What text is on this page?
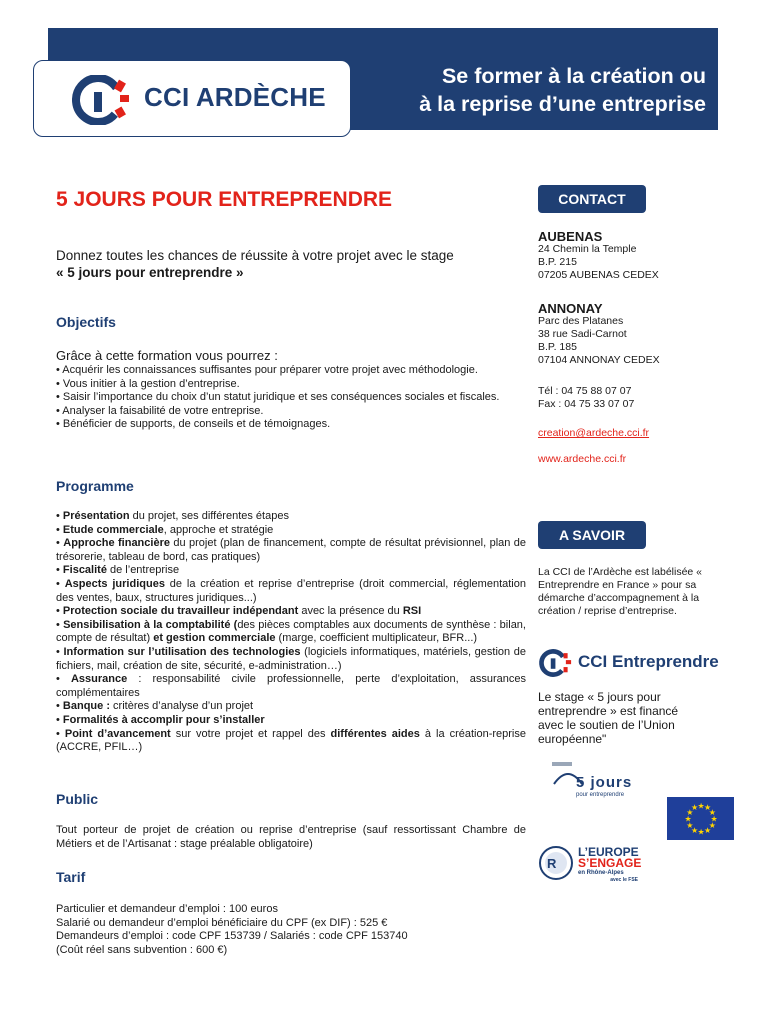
Se former à la création ou
à la reprise d’une entreprise
CCI ARDÈCHE
5 JOURS POUR ENTREPRENDRE
Donnez toutes les chances de réussite à votre projet avec le stage
« 5 jours pour entreprendre »
Objectifs

Grâce à cette formation vous pourrez :

• Acquérir les connaissances suffisantes pour préparer votre projet avec méthodologie.

• Vous initier à la gestion d’entreprise.

• Saisir l’importance du choix d’un statut juridique et ses conséquences sociales et fiscales.

• Analyser la faisabilité de votre entreprise.

• Bénéficier de supports, de conseils et de témoignages.

Programme

• Présentation du projet, ses différentes étapes

• Etude commerciale, approche et stratégie

• Approche financière du projet (plan de financement, compte de résultat prévisionnel, plan de trésorerie, tableau de bord, cas pratiques)

• Fiscalité de l’entreprise

• Aspects juridiques de la création et reprise d’entreprise (droit commercial, réglementation des ventes, baux, structures juridiques...)

• Protection sociale du travailleur indépendant avec la présence du RSI

• Sensibilisation à la comptabilité (des pièces comptables aux documents de synthèse : bilan, compte de résultat) et gestion commerciale (marge, coefficient multiplicateur, BFR...)

• Information sur l’utilisation des technologies (logiciels informatiques, matériels, gestion de fichiers, mail, création de site, sécurité, e-administration…)

• Assurance : responsabilité civile professionnelle, perte d’exploitation, assurances complémentaires

• Banque : critères d’analyse d’un projet

• Formalités à accomplir pour s’installer

• Point d’avancement sur votre projet et rappel des différentes aides à la création-reprise (ACCRE, PFIL…)

Public
Tout porteur de projet de création ou reprise d’entreprise (sauf ressortissant Chambre de Métiers et de l’Artisanat : stage préalable obligatoire)
Tarif

Particulier et demandeur d’emploi : 100 euros

Salarié ou demandeur d’emploi bénéficiaire du CPF (ex DIF) : 525 €

Demandeurs d’emploi : code CPF 153739 / Salariés : code CPF 153740

(Coût réel sans subvention : 600 €)

CONTACT
AUBENAS
24 Chemin la Temple
B.P. 215
07205 AUBENAS CEDEX
ANNONAY
Parc des Platanes
38 rue Sadi-Carnot
B.P. 185
07104 ANNONAY CEDEX
Tél : 04 75 88 07 07
Fax : 04 75 33 07 07
creation@ardeche.cci.fr
www.ardeche.cci.fr
A SAVOIR
La CCI de l’Ardèche est labélisée « Entreprendre en France » pour sa démarche d’accompagnement à la création / reprise d’entreprise.
CCI Entreprendre
Le stage « 5 jours pour entreprendre » est financé avec le soutien de l’Union européenne"
5 jours
pour entreprendre
★
★
★
★
★
★
★
★
★ ★ ★
★
R
L’EUROPE
S’ENGAGE
en Rhône-Alpes
avec le FSE
